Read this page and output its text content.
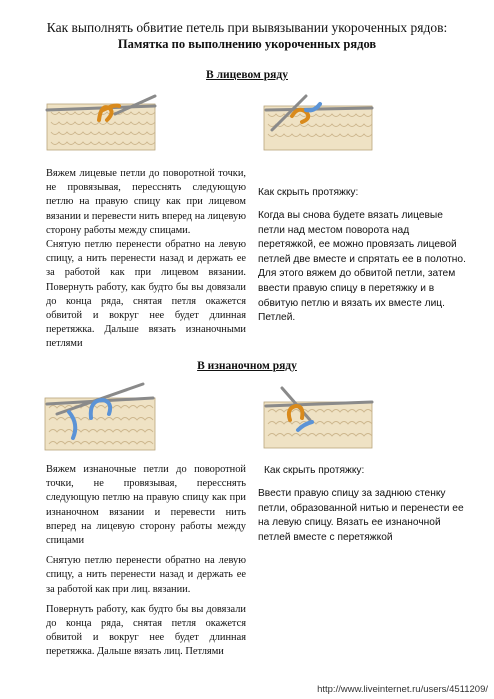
Как выполнять обвитие петель при вывязывании укороченных рядов:
Памятка по выполнению укороченных рядов
В лицевом ряду

Вяжем лицевые петли до поворотной точки, не провязывая, пересснять следующую петлю на правую спицу как при лицевом вязании и перевести нить вперед на лицевую сторону работы между спицами.

Снятую петлю перенести обратно на левую спицу, а нить перенести назад и держать ее за работой как при лицевом вязании. Повернуть работу, как будто бы вы довязали до конца ряда, снятая петля окажется обвитой и вокруг нее будет длинная перетяжка. Дальше вязать изнаночными петлями

Как скрыть протяжку:
Когда вы снова будете вязать лицевые петли над местом поворота над перетяжкой, ее можно провязать лицевой петлей две вместе и спрятать ее в полотно. Для этого вяжем до обвитой петли, затем ввести правую спицу в перетяжку и в обвитую петлю и вязать их вместе лиц. Петлей.
В изнаночном ряду

Вяжем изнаночные петли до поворотной точки, не провязывая, пересснять следующую петлю на правую спицу как при изнаночном вязании и перевести нить вперед на лицевую сторону работы между спицами

Снятую петлю перенести обратно на левую спицу, а нить перенести назад и держать ее за работой как при лиц. вязании.

Повернуть работу, как будто бы вы довязали до конца ряда, снятая петля окажется обвитой и вокруг нее будет длинная перетяжка. Дальше вязать лиц. Петлями

Как скрыть протяжку:
Ввести правую спицу за заднюю стенку петли, образованной нитью и перенести ее на левую спицу. Вязать ее изнаночной петлей вместе с перетяжкой
http://www.liveinternet.ru/users/4511209/
